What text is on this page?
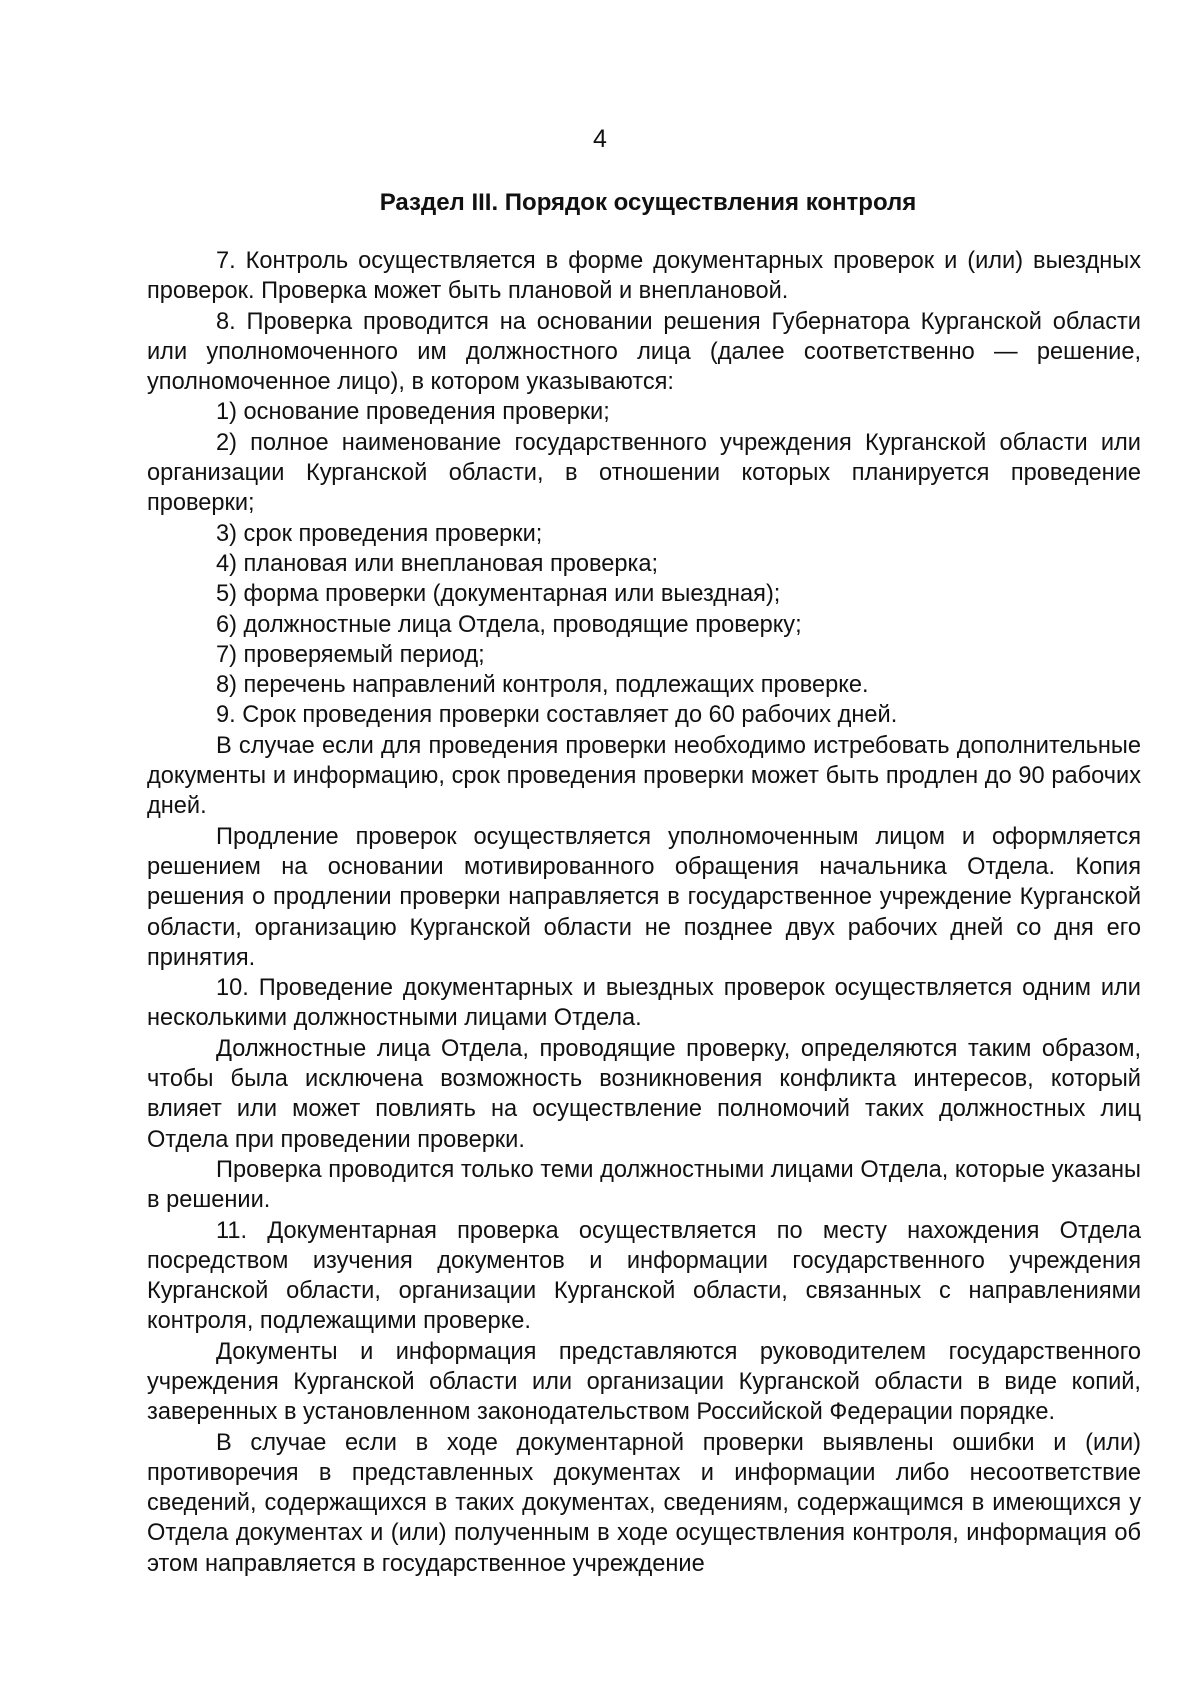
4
Раздел III. Порядок осуществления контроля

7. Контроль осуществляется в форме документарных проверок и (или) выездных проверок. Проверка может быть плановой и внеплановой.

8. Проверка проводится на основании решения Губернатора Курганской области или уполномоченного им должностного лица (далее соответственно — решение, уполномоченное лицо), в котором указываются:

1) основание проведения проверки;

2) полное наименование государственного учреждения Курганской области или организации Курганской области, в отношении которых планируется проведение проверки;

3) срок проведения проверки;

4) плановая или внеплановая проверка;

5) форма проверки (документарная или выездная);

6) должностные лица Отдела, проводящие проверку;

7) проверяемый период;

8) перечень направлений контроля, подлежащих проверке.

9. Срок проведения проверки составляет до 60 рабочих дней.

В случае если для проведения проверки необходимо истребовать дополнительные документы и информацию, срок проведения проверки может быть продлен до 90 рабочих дней.

Продление проверок осуществляется уполномоченным лицом и оформляется решением на основании мотивированного обращения начальника Отдела. Копия решения о продлении проверки направляется в государственное учреждение Курганской области, организацию Курганской области не позднее двух рабочих дней со дня его принятия.

10. Проведение документарных и выездных проверок осуществляется одним или несколькими должностными лицами Отдела.

Должностные лица Отдела, проводящие проверку, определяются таким образом, чтобы была исключена возможность возникновения конфликта интересов, который влияет или может повлиять на осуществление полномочий таких должностных лиц Отдела при проведении проверки.

Проверка проводится только теми должностными лицами Отдела, которые указаны в решении.

11. Документарная проверка осуществляется по месту нахождения Отдела посредством изучения документов и информации государственного учреждения Курганской области, организации Курганской области, связанных с направлениями контроля, подлежащими проверке.

Документы и информация представляются руководителем государственного учреждения Курганской области или организации Курганской области в виде копий, заверенных в установленном законодательством Российской Федерации порядке.

В случае если в ходе документарной проверки выявлены ошибки и (или) противоречия в представленных документах и информации либо несоответствие сведений, содержащихся в таких документах, сведениям, содержащимся в имеющихся у Отдела документах и (или) полученным в ходе осуществления контроля, информация об этом направляется в государственное учреждение
